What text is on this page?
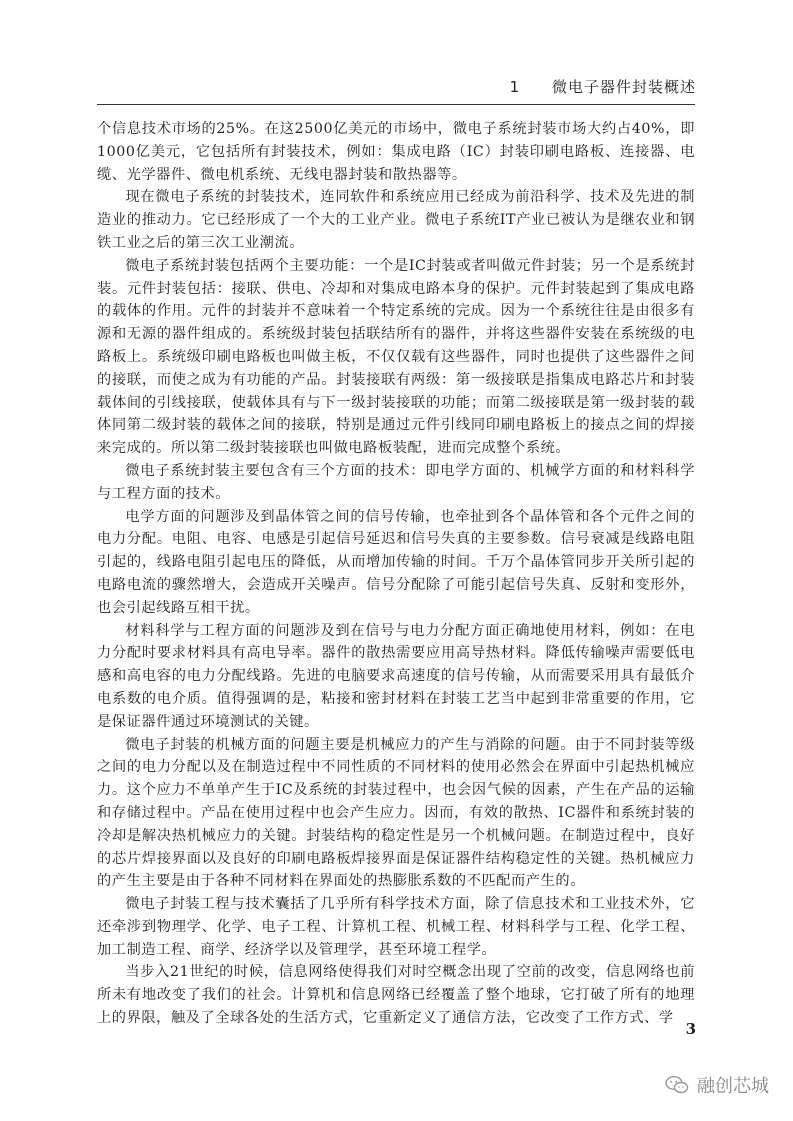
1 微电子器件封装概述

个信息技术市场的25%。在这2500亿美元的市场中，微电子系统封装市场大约占40%，即1000亿美元，它包括所有封装技术，例如：集成电路（IC）封装印刷电路板、连接器、电缆、光学器件、微电机系统、无线电器封装和散热器等。

现在微电子系统的封装技术，连同软件和系统应用已经成为前沿科学、技术及先进的制造业的推动力。它已经形成了一个大的工业产业。微电子系统IT产业已被认为是继农业和钢铁工业之后的第三次工业潮流。

微电子系统封装包括两个主要功能：一个是IC封装或者叫做元件封装；另一个是系统封装。元件封装包括：接联、供电、冷却和对集成电路本身的保护。元件封装起到了集成电路的载体的作用。元件的封装并不意味着一个特定系统的完成。因为一个系统往往是由很多有源和无源的器件组成的。系统级封装包括联结所有的器件，并将这些器件安装在系统级的电路板上。系统级印刷电路板也叫做主板，不仅仅载有这些器件，同时也提供了这些器件之间的接联，而使之成为有功能的产品。封装接联有两级：第一级接联是指集成电路芯片和封装载体间的引线接联，使载体具有与下一级封装接联的功能；而第二级接联是第一级封装的载体同第二级封装的载体之间的接联，特别是通过元件引线同印刷电路板上的接点之间的焊接来完成的。所以第二级封装接联也叫做电路板装配，进而完成整个系统。

微电子系统封装主要包含有三个方面的技术：即电学方面的、机械学方面的和材料科学与工程方面的技术。

电学方面的问题涉及到晶体管之间的信号传输，也牵扯到各个晶体管和各个元件之间的电力分配。电阻、电容、电感是引起信号延迟和信号失真的主要参数。信号衰减是线路电阻引起的，线路电阻引起电压的降低，从而增加传输的时间。千万个晶体管同步开关所引起的电路电流的骤然增大，会造成开关噪声。信号分配除了可能引起信号失真、反射和变形外，也会引起线路互相干扰。

材料科学与工程方面的问题涉及到在信号与电力分配方面正确地使用材料，例如：在电力分配时要求材料具有高电导率。器件的散热需要应用高导热材料。降低传输噪声需要低电感和高电容的电力分配线路。先进的电脑要求高速度的信号传输，从而需要采用具有最低介电系数的电介质。值得强调的是，粘接和密封材料在封装工艺当中起到非常重要的作用，它是保证器件通过环境测试的关键。

微电子封装的机械方面的问题主要是机械应力的产生与消除的问题。由于不同封装等级之间的电力分配以及在制造过程中不同性质的不同材料的使用必然会在界面中引起热机械应力。这个应力不单单产生于IC及系统的封装过程中，也会因气候的因素，产生在产品的运输和存储过程中。产品在使用过程中也会产生应力。因而，有效的散热、IC器件和系统封装的冷却是解决热机械应力的关键。封装结构的稳定性是另一个机械问题。在制造过程中，良好的芯片焊接界面以及良好的印刷电路板焊接界面是保证器件结构稳定性的关键。热机械应力的产生主要是由于各种不同材料在界面处的热膨胀系数的不匹配而产生的。

微电子封装工程与技术囊括了几乎所有科学技术方面，除了信息技术和工业技术外，它还牵涉到物理学、化学、电子工程、计算机工程、机械工程、材料科学与工程、化学工程、加工制造工程、商学、经济学以及管理学，甚至环境工程学。

当步入21世纪的时候，信息网络使得我们对时空概念出现了空前的改变，信息网络也前所未有地改变了我们的社会。计算机和信息网络已经覆盖了整个地球，它打破了所有的地理上的界限，触及了全球各处的生活方式，它重新定义了通信方法，它改变了工作方式、学

3
融创芯城
